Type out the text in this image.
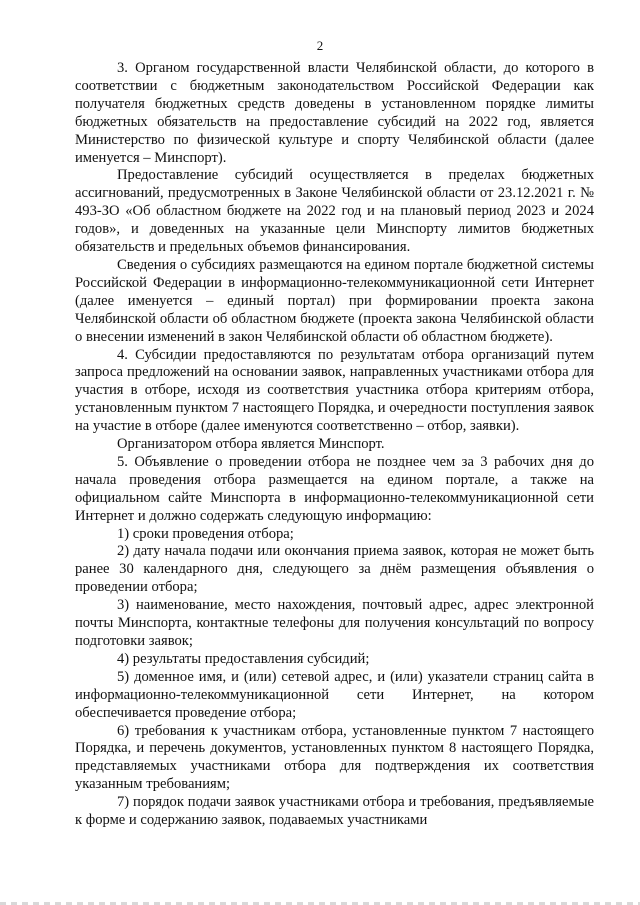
2

3. Органом государственной власти Челябинской области, до которого в соответствии с бюджетным законодательством Российской Федерации как получателя бюджетных средств доведены в установленном порядке лимиты бюджетных обязательств на предоставление субсидий на 2022 год, является Министерство по физической культуре и спорту Челябинской области (далее именуется – Минспорт).

Предоставление субсидий осуществляется в пределах бюджетных ассигнований, предусмотренных в Законе Челябинской области от 23.12.2021 г. № 493-ЗО «Об областном бюджете на 2022 год и на плановый период 2023 и 2024 годов», и доведенных на указанные цели Минспорту лимитов бюджетных обязательств и предельных объемов финансирования.

Сведения о субсидиях размещаются на едином портале бюджетной системы Российской Федерации в информационно-телекоммуникационной сети Интернет (далее именуется – единый портал) при формировании проекта закона Челябинской области об областном бюджете (проекта закона Челябинской области о внесении изменений в закон Челябинской области об областном бюджете).

4. Субсидии предоставляются по результатам отбора организаций путем запроса предложений на основании заявок, направленных участниками отбора для участия в отборе, исходя из соответствия участника отбора критериям отбора, установленным пунктом 7 настоящего Порядка, и очередности поступления заявок на участие в отборе (далее именуются соответственно – отбор, заявки).

Организатором отбора является Минспорт.

5. Объявление о проведении отбора не позднее чем за 3 рабочих дня до начала проведения отбора размещается на едином портале, а также на официальном сайте Минспорта в информационно-телекоммуникационной сети Интернет и должно содержать следующую информацию:

1) сроки проведения отбора;

2) дату начала подачи или окончания приема заявок, которая не может быть ранее 30 календарного дня, следующего за днём размещения объявления о проведении отбора;

3) наименование, место нахождения, почтовый адрес, адрес электронной почты Минспорта, контактные телефоны для получения консультаций по вопросу подготовки заявок;

4) результаты предоставления субсидий;

5) доменное имя, и (или) сетевой адрес, и (или) указатели страниц сайта в информационно-телекоммуникационной сети Интернет, на котором обеспечивается проведение отбора;

6) требования к участникам отбора, установленные пунктом 7 настоящего Порядка, и перечень документов, установленных пунктом 8 настоящего Порядка, представляемых участниками отбора для подтверждения их соответствия указанным требованиям;

7) порядок подачи заявок участниками отбора и требования, предъявляемые к форме и содержанию заявок, подаваемых участниками
